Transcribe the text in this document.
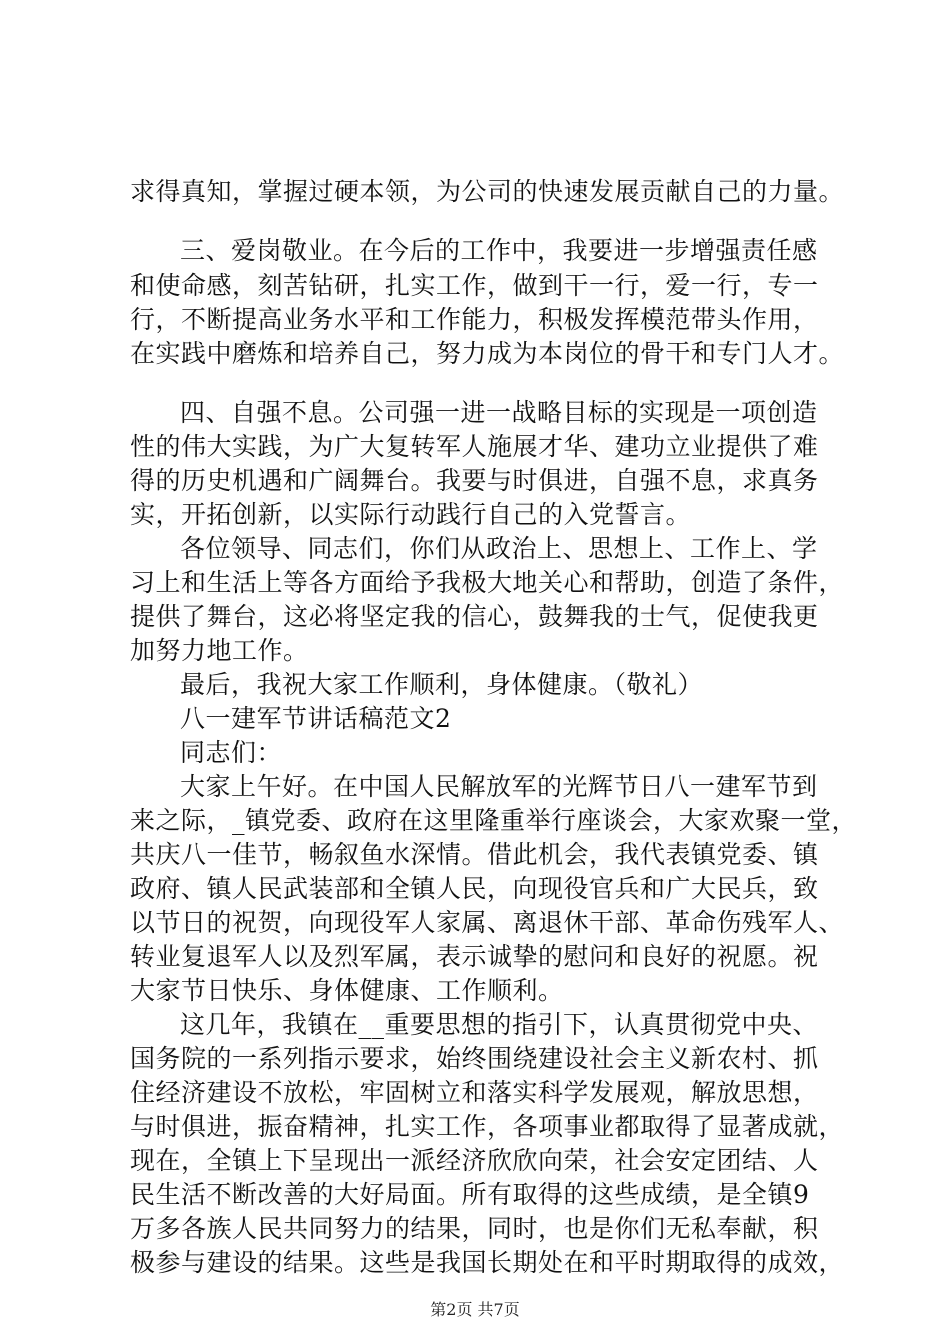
求得真知，掌握过硬本领，为公司的快速发展贡献自己的力量。
三、爱岗敬业。在今后的工作中，我要进一步增强责任感
和使命感，刻苦钻研，扎实工作，做到干一行，爱一行，专一
行，不断提高业务水平和工作能力，积极发挥模范带头作用，
在实践中磨炼和培养自己，努力成为本岗位的骨干和专门人才。
四、自强不息。公司强一进一战略目标的实现是一项创造
性的伟大实践，为广大复转军人施展才华、建功立业提供了难
得的历史机遇和广阔舞台。我要与时俱进，自强不息，求真务
实，开拓创新，以实际行动践行自己的入党誓言。
各位领导、同志们，你们从政治上、思想上、工作上、学
习上和生活上等各方面给予我极大地关心和帮助，创造了条件，
提供了舞台，这必将坚定我的信心，鼓舞我的士气，促使我更
加努力地工作。
最后，我祝大家工作顺利，身体健康。（敬礼）
八一建军节讲话稿范文2
同志们：
大家上午好。在中国人民解放军的光辉节日八一建军节到
来之际，_镇党委、政府在这里隆重举行座谈会，大家欢聚一堂，
共庆八一佳节，畅叙鱼水深情。借此机会，我代表镇党委、镇
政府、镇人民武装部和全镇人民，向现役官兵和广大民兵，致
以节日的祝贺，向现役军人家属、离退休干部、革命伤残军人、
转业复退军人以及烈军属，表示诚挚的慰问和良好的祝愿。祝
大家节日快乐、身体健康、工作顺利。
这几年，我镇在__重要思想的指引下，认真贯彻党中央、
国务院的一系列指示要求，始终围绕建设社会主义新农村、抓
住经济建设不放松，牢固树立和落实科学发展观，解放思想，
与时俱进，振奋精神，扎实工作，各项事业都取得了显著成就，
现在，全镇上下呈现出一派经济欣欣向荣，社会安定团结、人
民生活不断改善的大好局面。所有取得的这些成绩，是全镇9
万多各族人民共同努力的结果，同时，也是你们无私奉献，积
极参与建设的结果。这些是我国长期处在和平时期取得的成效，
第2页 共7页
